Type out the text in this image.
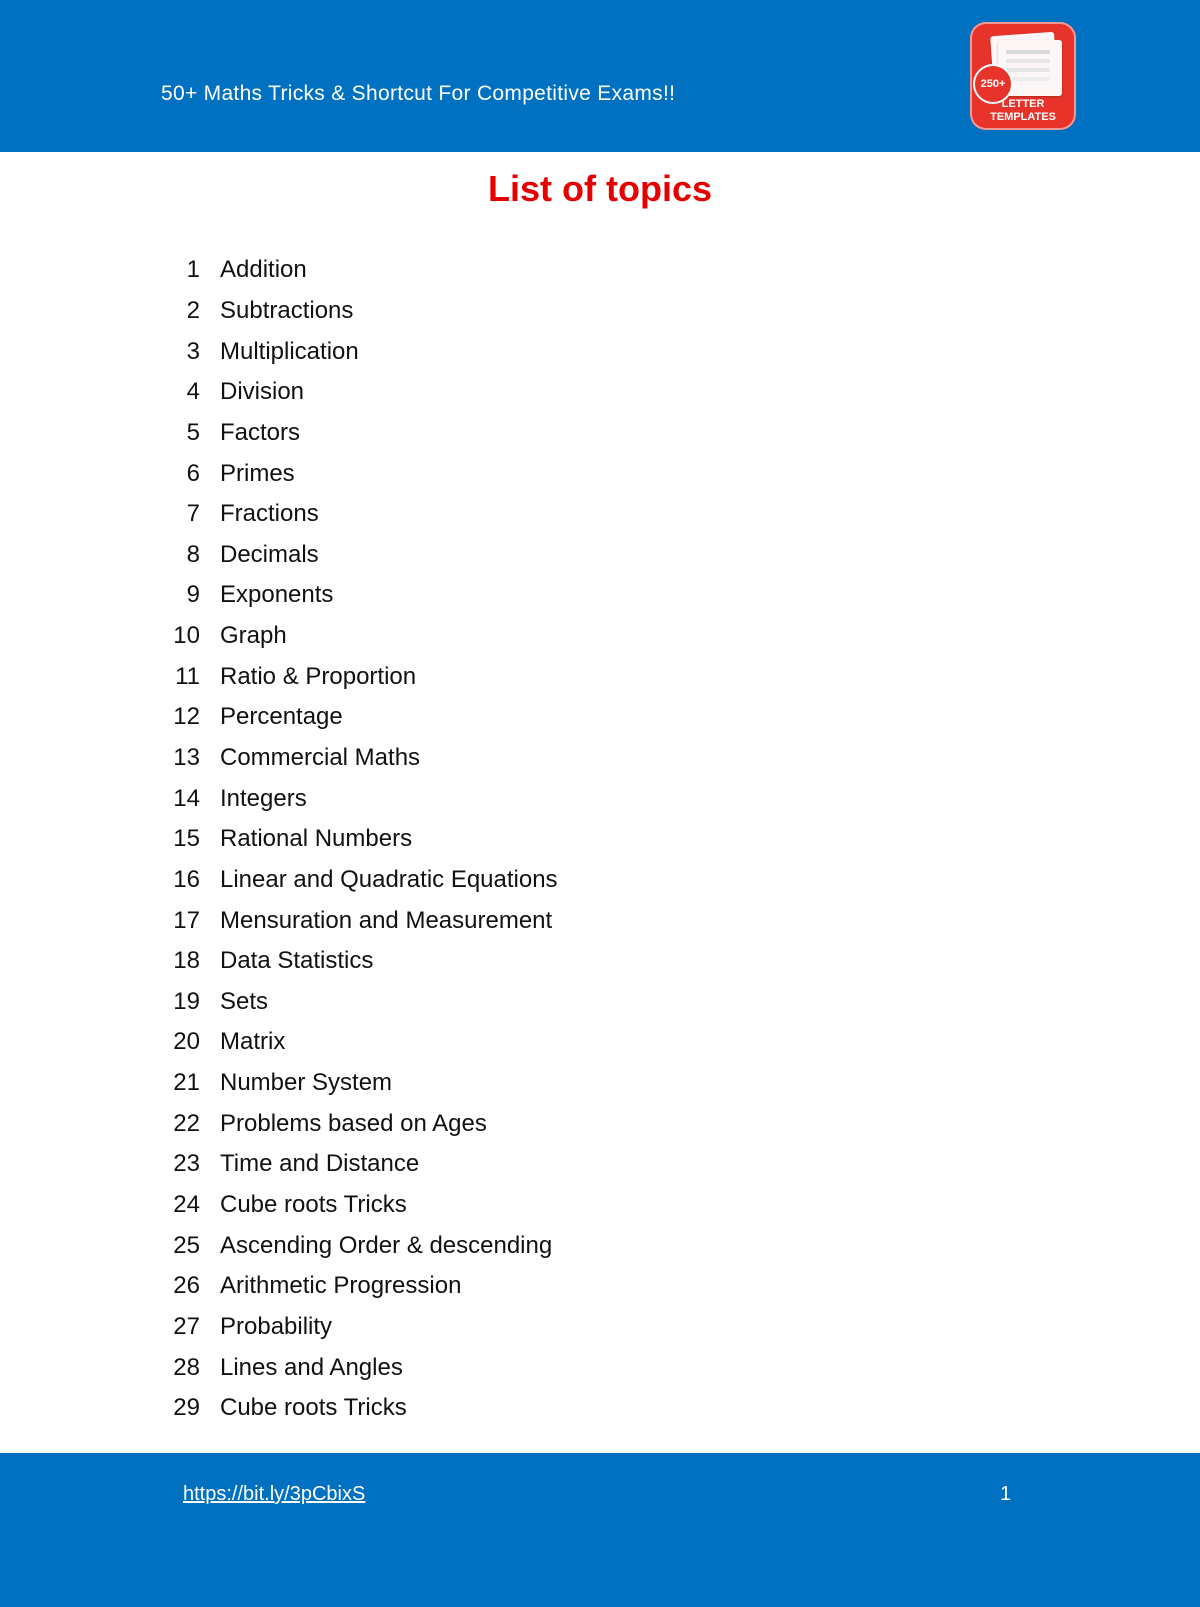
50+ Maths Tricks & Shortcut For Competitive Exams!!	250+
LETTER
TEMPLATES
List of topics
1 Addition
2 Subtractions
3 Multiplication
4 Division
5 Factors
6 Primes
7 Fractions
8 Decimals
9 Exponents
10 Graph
11 Ratio & Proportion
12 Percentage
13 Commercial Maths
14 Integers
15 Rational Numbers
16 Linear and Quadratic Equations
17 Mensuration and Measurement
18 Data Statistics
19 Sets
20 Matrix
21 Number System
22 Problems based on Ages
23 Time and Distance
24 Cube roots Tricks
25 Ascending Order & descending
26 Arithmetic Progression
27 Probability
28 Lines and Angles
29 Cube roots Tricks
https://bit.ly/3pCbixS	1
